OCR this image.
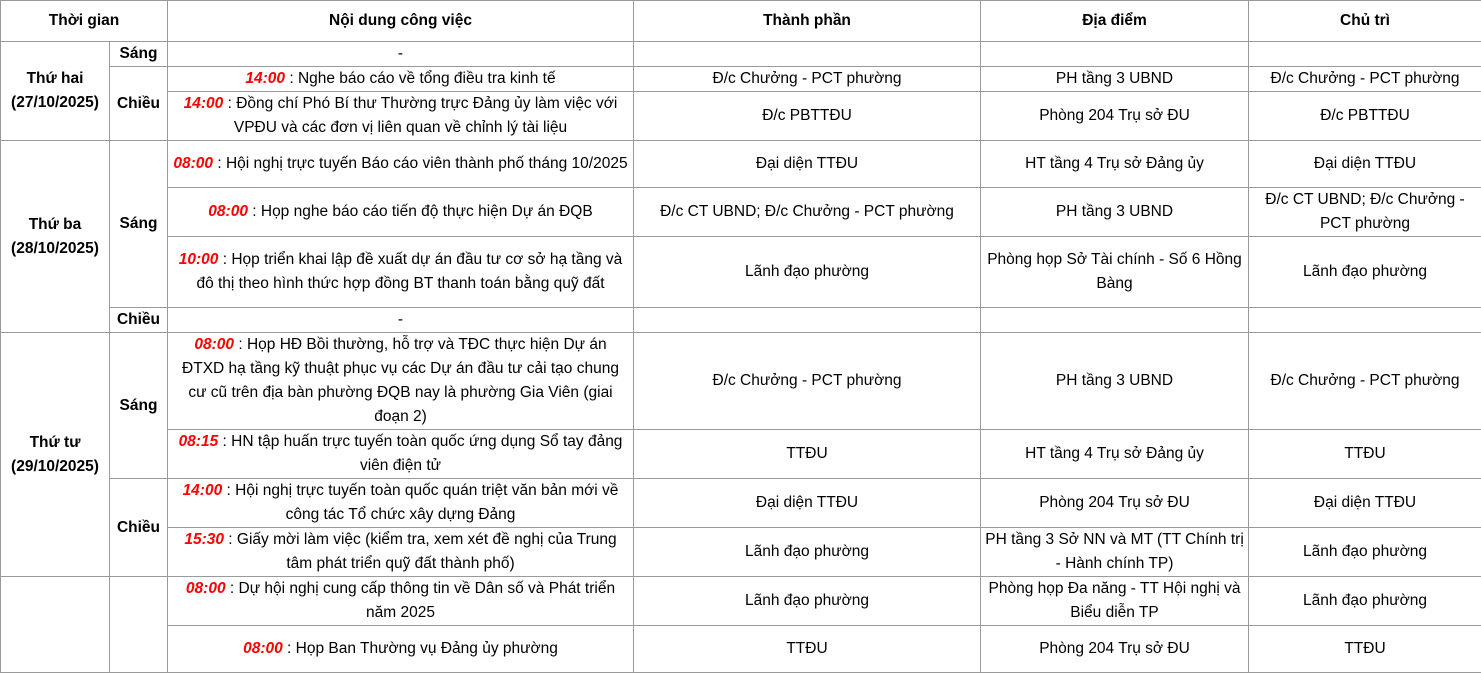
Thời gian		Nội dung công việc	Thành phần	Địa điểm	Chủ trì	
Thứ hai
(27/10/2025)	Sáng	-				
	Chiều	14:00 : Nghe báo cáo về tổng điều tra kinh tế	Đ/c Chưởng - PCT phường	PH tầng 3 UBND	Đ/c Chưởng - PCT phường	
		14:00 : Đồng chí Phó Bí thư Thường trực Đảng ủy làm việc với VPĐU và các đơn vị liên quan về chỉnh lý tài liệu	Đ/c PBTTĐU	Phòng 204 Trụ sở ĐU	Đ/c PBTTĐU	
Thứ ba
(28/10/2025)	Sáng	08:00 : Hội nghị trực tuyến Báo cáo viên thành phố tháng 10/2025	Đại diện TTĐU	HT tầng 4 Trụ sở Đảng ủy	Đại diện TTĐU	
		08:00 : Họp nghe báo cáo tiến độ thực hiện Dự án ĐQB	Đ/c CT UBND; Đ/c Chưởng - PCT phường	PH tầng 3 UBND	Đ/c CT UBND; Đ/c Chưởng - PCT phường	
		10:00 : Họp triển khai lập đề xuất dự án đầu tư cơ sở hạ tầng và đô thị theo hình thức hợp đồng BT thanh toán bằng quỹ đất	Lãnh đạo phường	Phòng họp Sở Tài chính - Số 6 Hồng Bàng	Lãnh đạo phường	
	Chiều	-				
Thứ tư
(29/10/2025)	Sáng	08:00 : Họp HĐ Bồi thường, hỗ trợ và TĐC thực hiện Dự án ĐTXD hạ tầng kỹ thuật phục vụ các Dự án đầu tư cải tạo chung cư cũ trên địa bàn phường ĐQB nay là phường Gia Viên (giai đoạn 2)	Đ/c Chưởng - PCT phường	PH tầng 3 UBND	Đ/c Chưởng - PCT phường	
		08:15 : HN tập huấn trực tuyến toàn quốc ứng dụng Sổ tay đảng viên điện tử	TTĐU	HT tầng 4 Trụ sở Đảng ủy	TTĐU	
	Chiều	14:00 : Hội nghị trực tuyến toàn quốc quán triệt văn bản mới về công tác Tổ chức xây dựng Đảng	Đại diện TTĐU	Phòng 204 Trụ sở ĐU	Đại diện TTĐU	
		15:30 : Giấy mời làm việc (kiểm tra, xem xét đề nghị của Trung tâm phát triển quỹ đất thành phố)	Lãnh đạo phường	PH tầng 3 Sở NN và MT (TT Chính trị - Hành chính TP)	Lãnh đạo phường	
		08:00 : Dự hội nghị cung cấp thông tin về Dân số và Phát triển năm 2025	Lãnh đạo phường	Phòng họp Đa năng - TT Hội nghị và Biểu diễn TP	Lãnh đạo phường	
		08:00 : Họp Ban Thường vụ Đảng ủy phường	TTĐU	Phòng 204 Trụ sở ĐU	TTĐU	
